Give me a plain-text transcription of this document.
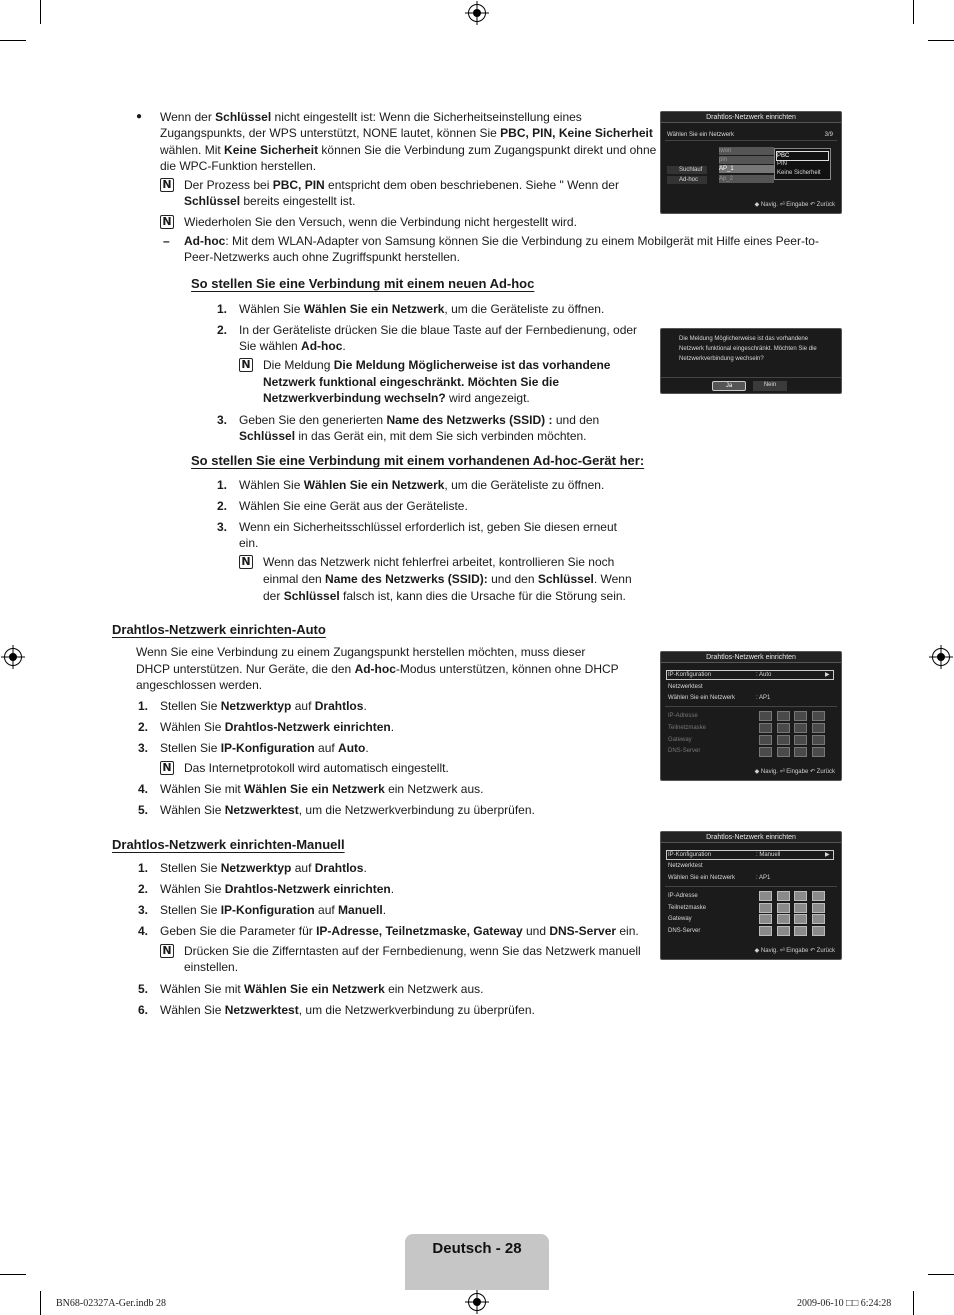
● Wenn der Schlüssel nicht eingestellt ist: Wenn die Sicherheitseinstellung eines
Zugangspunkts, der WPS unterstützt, NONE lautet, können Sie PBC, PIN, Keine Sicherheit
wählen. Mit Keine Sicherheit können Sie die Verbindung zum Zugangspunkt direkt und ohne
die WPC-Funktion herstellen.
N Der Prozess bei PBC, PIN entspricht dem oben beschriebenen. Siehe " Wenn der
Schlüssel bereits eingestellt ist.
N Wiederholen Sie den Versuch, wenn die Verbindung nicht hergestellt wird.
– Ad-hoc: Mit dem WLAN-Adapter von Samsung können Sie die Verbindung zu einem Mobilgerät mit Hilfe eines Peer-to-
Peer-Netzwerks auch ohne Zugriffspunkt herstellen.
Drahtlos-Netzwerk einrichten
Wählen Sie ein Netzwerk	3/9
Suchlauf
Ad-hoc
iwon
pin
AP_1
Ap_2
PBC
PIN
Keine Sicherheit
◆ Navig. ⏎ Eingabe ↶ Zurück
So stellen Sie eine Verbindung mit einem neuen Ad-hoc
1. Wählen Sie Wählen Sie ein Netzwerk, um die Geräteliste zu öffnen.
2. In der Geräteliste drücken Sie die blaue Taste auf der Fernbedienung, oder
Sie wählen Ad-hoc.
N Die Meldung Die Meldung Möglicherweise ist das vorhandene
Netzwerk funktional eingeschränkt. Möchten Sie die
Netzwerkverbindung wechseln? wird angezeigt.
3. Geben Sie den generierten Name des Netzwerks (SSID) : und den
Schlüssel in das Gerät ein, mit dem Sie sich verbinden möchten.
Die Meldung Möglicherweise ist das vorhandene
Netzwerk funktional eingeschränkt. Möchten Sie die
Netzwerkverbindung wechseln?
Ja	Nein
So stellen Sie eine Verbindung mit einem vorhandenen Ad-hoc-Gerät her:
1. Wählen Sie Wählen Sie ein Netzwerk, um die Geräteliste zu öffnen.
2. Wählen Sie eine Gerät aus der Geräteliste.
3. Wenn ein Sicherheitsschlüssel erforderlich ist, geben Sie diesen erneut
ein.
N Wenn das Netzwerk nicht fehlerfrei arbeitet, kontrollieren Sie noch
einmal den Name des Netzwerks (SSID): und den Schlüssel. Wenn
der Schlüssel falsch ist, kann dies die Ursache für die Störung sein.
Drahtlos-Netzwerk einrichten-Auto
Wenn Sie eine Verbindung zu einem Zugangspunkt herstellen möchten, muss dieser
DHCP unterstützen. Nur Geräte, die den Ad-hoc-Modus unterstützen, können ohne DHCP
angeschlossen werden.
1. Stellen Sie Netzwerktyp auf Drahtlos.
2. Wählen Sie Drahtlos-Netzwerk einrichten.
3. Stellen Sie IP-Konfiguration auf Auto.
N Das Internetprotokoll wird automatisch eingestellt.
4. Wählen Sie mit Wählen Sie ein Netzwerk ein Netzwerk aus.
5. Wählen Sie Netzwerktest, um die Netzwerkverbindung zu überprüfen.
Drahtlos-Netzwerk einrichten
IP-Konfiguration	: Auto	▶
Netzwerktest
Wählen Sie ein Netzwerk	: AP1
IP-Adresse
Teilnetzmaske
Gateway
DNS-Server
◆ Navig. ⏎ Eingabe ↶ Zurück
Drahtlos-Netzwerk einrichten-Manuell
1. Stellen Sie Netzwerktyp auf Drahtlos.
2. Wählen Sie Drahtlos-Netzwerk einrichten.
3. Stellen Sie IP-Konfiguration auf Manuell.
4. Geben Sie die Parameter für IP-Adresse, Teilnetzmaske, Gateway und DNS-Server ein.
N Drücken Sie die Zifferntasten auf der Fernbedienung, wenn Sie das Netzwerk manuell
einstellen.
5. Wählen Sie mit Wählen Sie ein Netzwerk ein Netzwerk aus.
6. Wählen Sie Netzwerktest, um die Netzwerkverbindung zu überprüfen.
Drahtlos-Netzwerk einrichten
IP-Konfiguration	: Manuell	▶
Netzwerktest
Wählen Sie ein Netzwerk	: AP1
IP-Adresse
Teilnetzmaske
Gateway
DNS-Server
◆ Navig. ⏎ Eingabe ↶ Zurück
Deutsch - 28
BN68-02327A-Ger.indb 28	2009-06-10 □□ 6:24:28
